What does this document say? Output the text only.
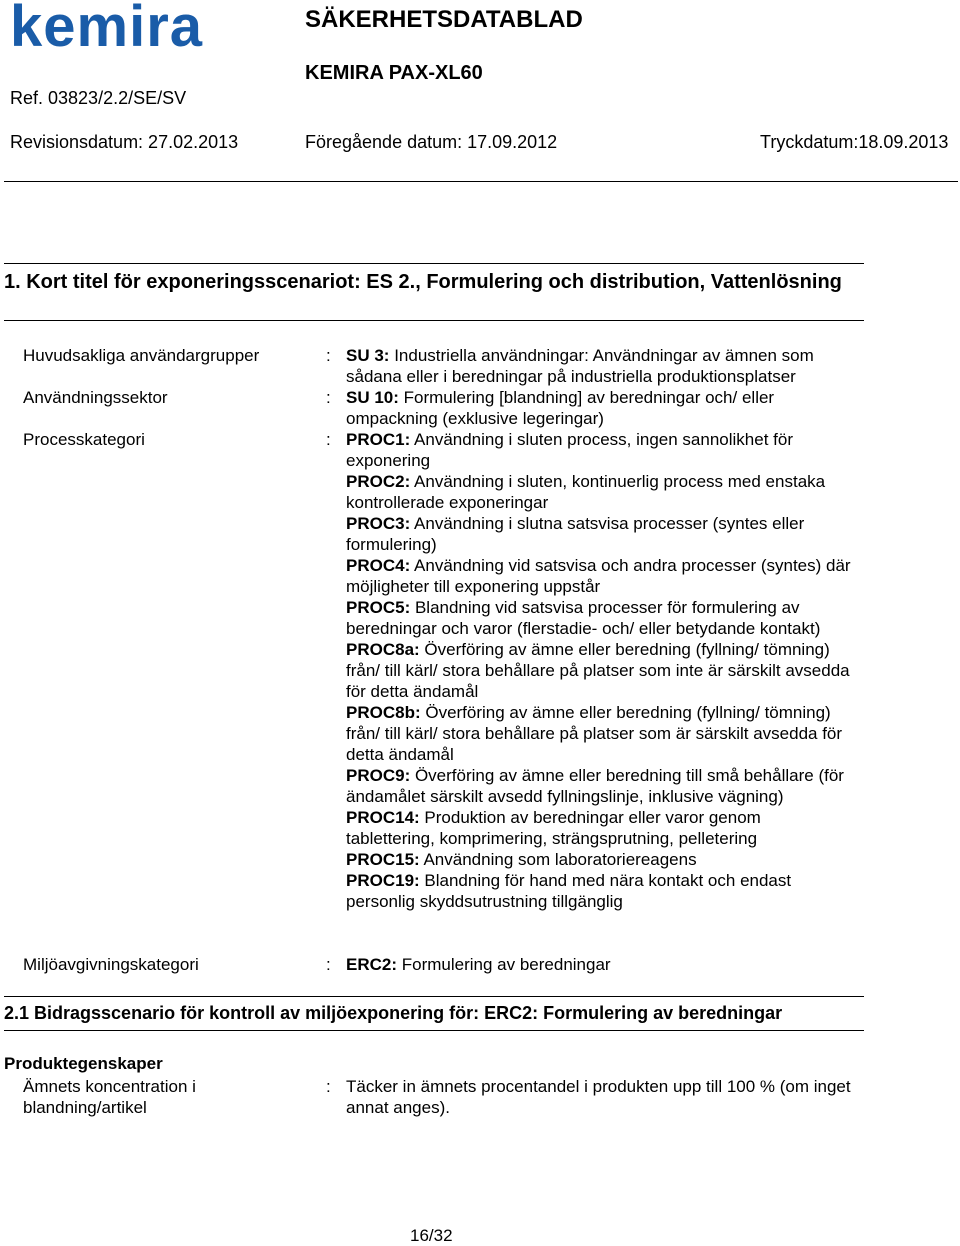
kemira	SÄKERHETSDATABLAD
KEMIRA PAX-XL60
Ref. 03823/2.2/SE/SV
Revisionsdatum: 27.02.2013	Föregående datum: 17.09.2012	Tryckdatum:18.09.2013
1. Kort titel för exponeringsscenariot: ES 2., Formulering och distribution, Vattenlösning
Huvudsakliga användargrupper	: SU 3: Industriella användningar: Användningar av ämnen som sådana eller i beredningar på industriella produktionsplatser
Användningssektor	: SU 10: Formulering [blandning] av beredningar och/ eller ompackning (exklusive legeringar)
Processkategori	: PROC1: Användning i sluten process, ingen sannolikhet för exponering
PROC2: Användning i sluten, kontinuerlig process med enstaka kontrollerade exponeringar
PROC3: Användning i slutna satsvisa processer (syntes eller formulering)
PROC4: Användning vid satsvisa och andra processer (syntes) där möjligheter till exponering uppstår
PROC5: Blandning vid satsvisa processer för formulering av beredningar och varor (flerstadie- och/ eller betydande kontakt)
PROC8a: Överföring av ämne eller beredning (fyllning/ tömning) från/ till kärl/ stora behållare på platser som inte är särskilt avsedda för detta ändamål
PROC8b: Överföring av ämne eller beredning (fyllning/ tömning) från/ till kärl/ stora behållare på platser som är särskilt avsedda för detta ändamål
PROC9: Överföring av ämne eller beredning till små behållare (för ändamålet särskilt avsedd fyllningslinje, inklusive vägning)
PROC14: Produktion av beredningar eller varor genom tablettering, komprimering, strängsprutning, pelletering
PROC15: Användning som laboratoriereagens
PROC19: Blandning för hand med nära kontakt och endast personlig skyddsutrustning tillgänglig
Miljöavgivningskategori	: ERC2: Formulering av beredningar
2.1 Bidragsscenario för kontroll av miljöexponering för: ERC2: Formulering av beredningar
Produktegenskaper
Ämnets koncentration i blandning/artikel
: Täcker in ämnets procentandel i produkten upp till 100 % (om inget annat anges).
16/32
